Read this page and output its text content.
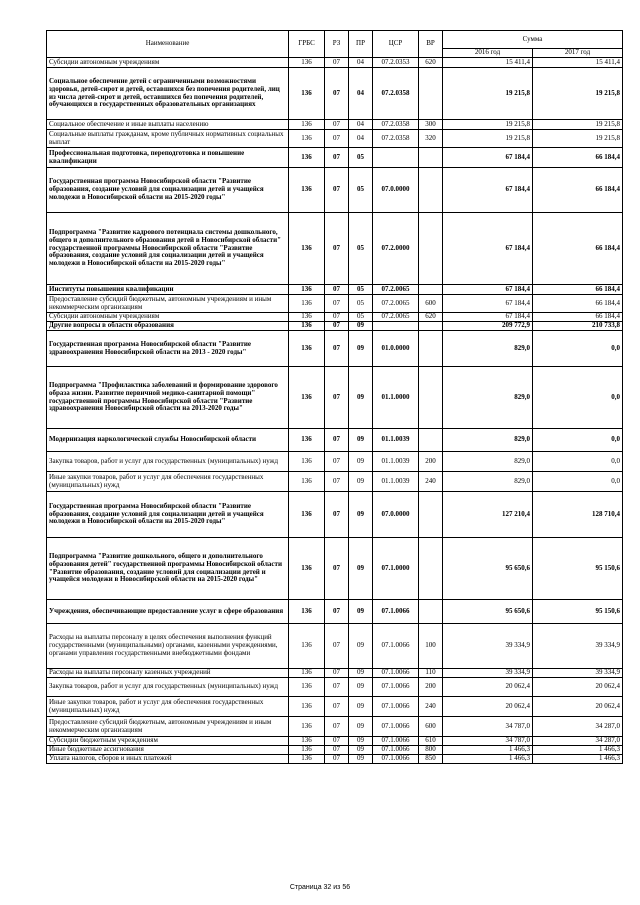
Наименование	ГРБС	РЗ	ПР	ЦСР	ВР	Сумма	
						2016 год	2017 год
Субсидии автономным учреждениям	136	07	04	07.2.0353	620	15 411,4	15 411,4
Социальное обеспечение детей с ограниченными возможностями здоровья, детей-сирот и детей, оставшихся без попечения родителей, лиц из числа детей-сирот и детей, оставшихся без попечения родителей, обучающихся в государственных образовательных организациях	136	07	04	07.2.0358		19 215,8	19 215,8
Социальное обеспечение и иные выплаты населению	136	07	04	07.2.0358	300	19 215,8	19 215,8
Социальные выплаты гражданам, кроме публичных нормативных социальных выплат	136	07	04	07.2.0358	320	19 215,8	19 215,8
Профессиональная подготовка, переподготовка и повышение квалификации	136	07	05			67 184,4	66 184,4
Государственная программа Новосибирской области "Развитие образования, создание условий для социализации детей и учащейся молодежи в Новосибирской области на 2015-2020 годы"	136	07	05	07.0.0000		67 184,4	66 184,4
Подпрограмма "Развитие кадрового потенциала системы дошкольного, общего и дополнительного образования детей в Новосибирской области" государственной программы Новосибирской области "Развитие образования, создание условий для социализации детей и учащейся молодежи в Новосибирской области на 2015-2020 годы"	136	07	05	07.2.0000		67 184,4	66 184,4
Институты повышения квалификации	136	07	05	07.2.0065		67 184,4	66 184,4
Предоставление субсидий бюджетным, автономным учреждениям и иным некоммерческим организациям	136	07	05	07.2.0065	600	67 184,4	66 184,4
Субсидии автономным учреждениям	136	07	05	07.2.0065	620	67 184,4	66 184,4
Другие вопросы в области образования	136	07	09			209 772,9	210 733,8
Государственная программа Новосибирской области "Развитие здравоохранения Новосибирской области на 2013 - 2020 годы"	136	07	09	01.0.0000		829,0	0,0
Подпрограмма "Профилактика заболеваний и формирование здорового образа жизни. Развитие первичной медико-санитарной помощи" государственной программы Новосибирской области "Развитие здравоохранения Новосибирской области на 2013-2020 годы"	136	07	09	01.1.0000		829,0	0,0
Модернизация наркологической службы Новосибирской области	136	07	09	01.1.0039		829,0	0,0
Закупка товаров, работ и услуг для государственных (муниципальных) нужд	136	07	09	01.1.0039	200	829,0	0,0
Иные закупки товаров, работ и услуг для обеспечения государственных (муниципальных) нужд	136	07	09	01.1.0039	240	829,0	0,0
Государственная программа Новосибирской области "Развитие образования, создание условий для социализации детей и учащейся молодежи в Новосибирской области на 2015-2020 годы"	136	07	09	07.0.0000		127 210,4	128 710,4
Подпрограмма "Развитие дошкольного, общего и дополнительного образования детей" государственной программы Новосибирской области "Развитие образования, создание условий для социализации детей и учащейся молодежи в Новосибирской области на 2015-2020 годы"	136	07	09	07.1.0000		95 650,6	95 150,6
Учреждения, обеспечивающие предоставление услуг в сфере образования	136	07	09	07.1.0066		95 650,6	95 150,6
Расходы на выплаты персоналу в целях обеспечения выполнения функций государственными (муниципальными) органами, казенными учреждениями, органами управления государственными внебюджетными фондами	136	07	09	07.1.0066	100	39 334,9	39 334,9
Расходы на выплаты персоналу казенных учреждений	136	07	09	07.1.0066	110	39 334,9	39 334,9
Закупка товаров, работ и услуг для государственных (муниципальных) нужд	136	07	09	07.1.0066	200	20 062,4	20 062,4
Иные закупки товаров, работ и услуг для обеспечения государственных (муниципальных) нужд	136	07	09	07.1.0066	240	20 062,4	20 062,4
Предоставление субсидий бюджетным, автономным учреждениям и иным некоммерческим организациям	136	07	09	07.1.0066	600	34 787,0	34 287,0
Субсидии бюджетным учреждениям	136	07	09	07.1.0066	610	34 787,0	34 287,0
Иные бюджетные ассигнования	136	07	09	07.1.0066	800	1 466,3	1 466,3
Уплата налогов, сборов и иных платежей	136	07	09	07.1.0066	850	1 466,3	1 466,3
Страница 32 из 56
